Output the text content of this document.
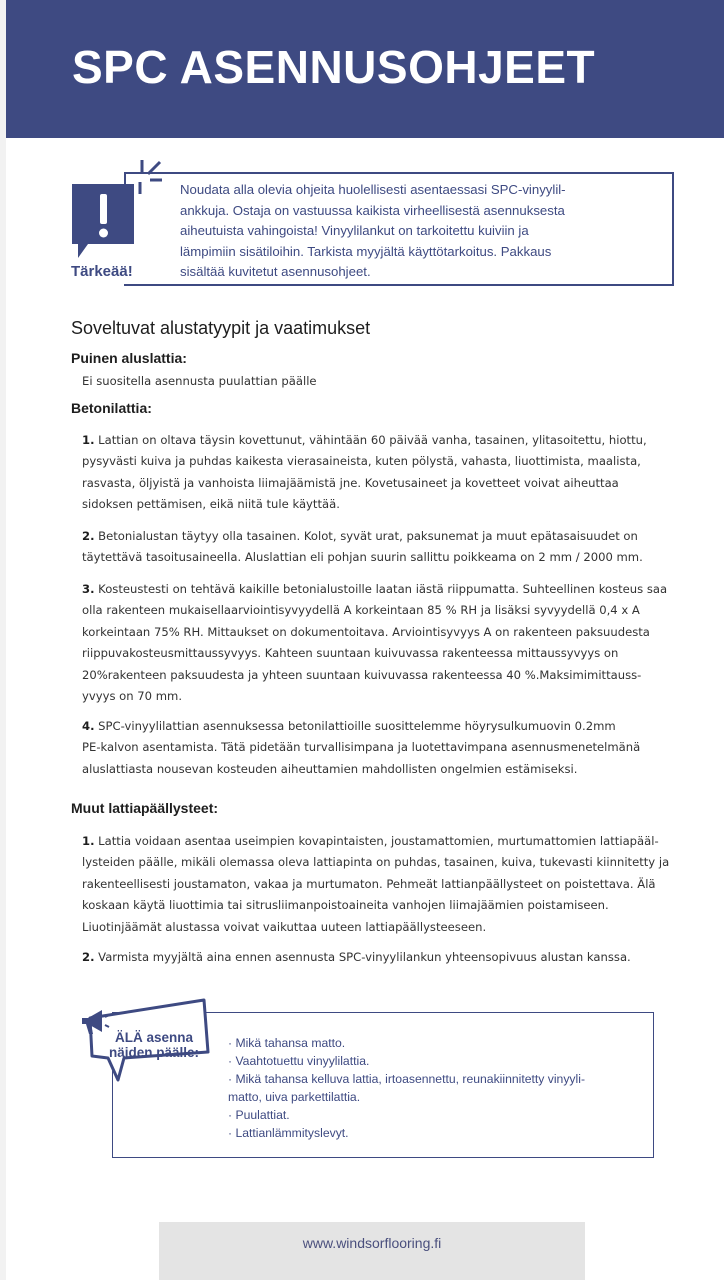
SPC ASENNUSOHJEET
Tärkeää!
Noudata alla olevia ohjeita huolellisesti asentaessasi SPC-vinyylil-
ankkuja. Ostaja on vastuussa kaikista virheellisestä asennuksesta
aiheutuista vahingoista! Vinyylilankut on tarkoitettu kuiviin ja
lämpimiin sisätiloihin. Tarkista myyjältä käyttötarkoitus. Pakkaus
sisältää kuvitetut asennusohjeet.
Soveltuvat alustatyypit ja vaatimukset
Puinen aluslattia:
Ei suositella asennusta puulattian päälle
Betonilattia:
1. Lattian on oltava täysin kovettunut, vähintään 60 päivää vanha, tasainen, ylitasoitettu, hiottu,
pysyvästi kuiva ja puhdas kaikesta vierasaineista, kuten pölystä, vahasta, liuottimista, maalista,
rasvasta, öljyistä ja vanhoista liimajäämistä jne. Kovetusaineet ja kovetteet voivat aiheuttaa
sidoksen pettämisen, eikä niitä tule käyttää.
2. Betonialustan täytyy olla tasainen. Kolot, syvät urat, paksunemat ja muut epätasaisuudet on
täytettävä tasoitusaineella. Aluslattian eli pohjan suurin sallittu poikkeama on 2 mm / 2000 mm.
3. Kosteustesti on tehtävä kaikille betonialustoille laatan iästä riippumatta. Suhteellinen kosteus saa
olla rakenteen mukaisellaarviointisyvyydellä A korkeintaan 85 % RH ja lisäksi syvyydellä 0,4 x A
korkeintaan 75% RH. Mittaukset on dokumentoitava. Arviointisyvyys A on rakenteen paksuudesta
riippuvakosteusmittaussyvyys. Kahteen suuntaan kuivuvassa rakenteessa mittaussyvyys on
20%rakenteen paksuudesta ja yhteen suuntaan kuivuvassa rakenteessa 40 %.Maksimimittauss-
yvyys on 70 mm.
4. SPC-vinyylilattian asennuksessa betonilattioille suosittelemme höyrysulkumuovin 0.2mm
PE-kalvon asentamista. Tätä pidetään turvallisimpana ja luotettavimpana asennusmenetelmänä
aluslattiasta nousevan kosteuden aiheuttamien mahdollisten ongelmien estämiseksi.
Muut lattiapäällysteet:
1. Lattia voidaan asentaa useimpien kovapintaisten, joustamattomien, murtumattomien lattiapääl-
lysteiden päälle, mikäli olemassa oleva lattiapinta on puhdas, tasainen, kuiva, tukevasti kiinnitetty ja
rakenteellisesti joustamaton, vakaa ja murtumaton. Pehmeät lattianpäällysteet on poistettava. Älä
koskaan käytä liuottimia tai sitrusliimanpoistoaineita vanhojen liimajäämien poistamiseen.
Liuotinjäämät alustassa voivat vaikuttaa uuteen lattiapäällysteeseen.
2. Varmista myyjältä aina ennen asennusta SPC-vinyylilankun yhteensopivuus alustan kanssa.
ÄLÄ asenna
näiden päälle:
· Mikä tahansa matto.
· Vaahtotuettu vinyylilattia.
· Mikä tahansa kelluva lattia, irtoasennettu, reunakiinnitetty vinyyli-
matto, uiva parkettilattia.
· Puulattiat.
· Lattianlämmityslevyt.
www.windsorflooring.fi
